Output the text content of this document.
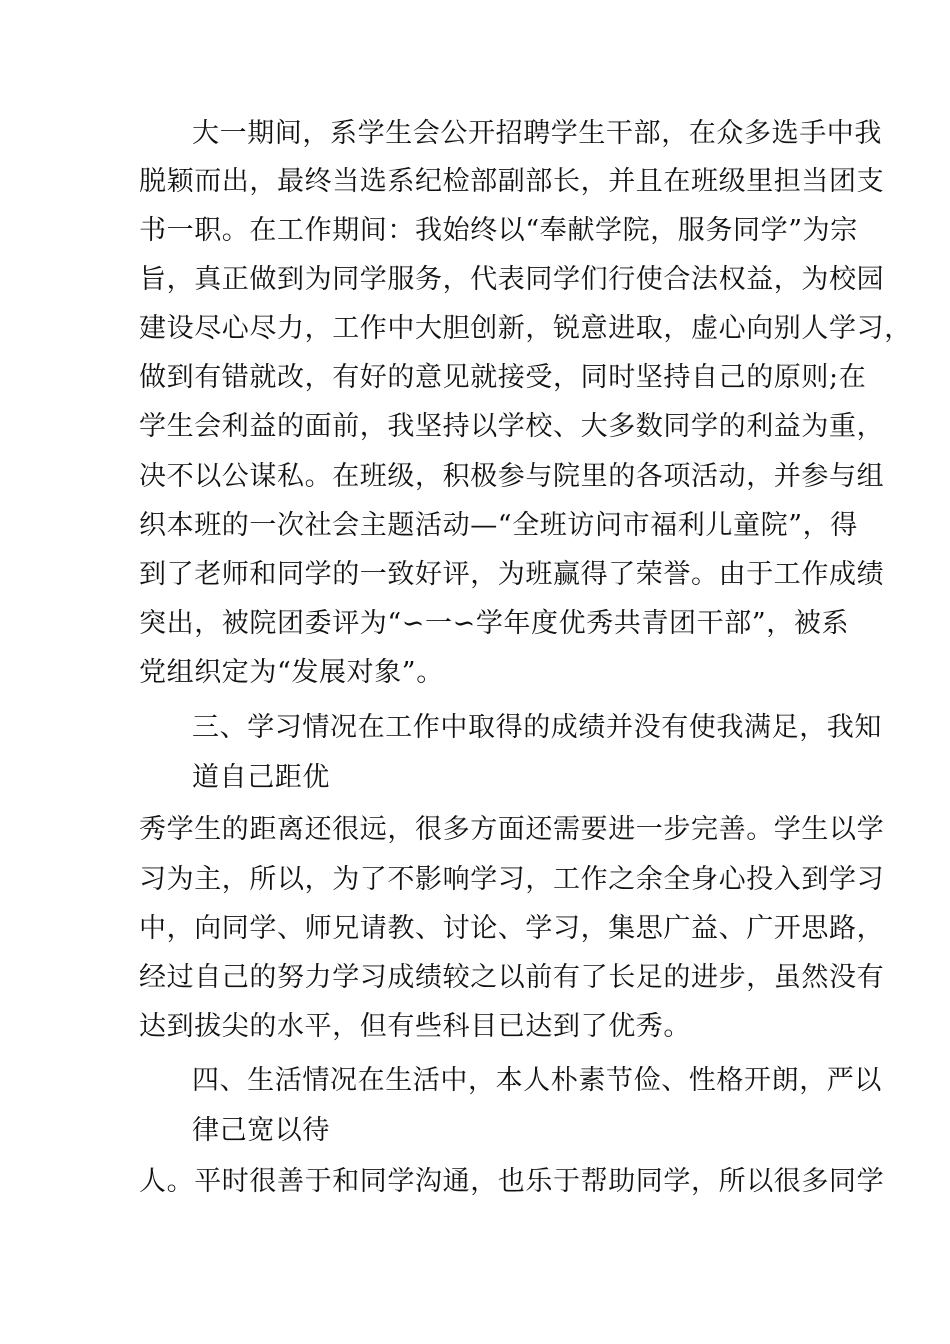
大一期间，系学生会公开招聘学生干部，在众多选手中我
脱颖而出，最终当选系纪检部副部长，并且在班级里担当团支
书一职。在工作期间：我始终以“奉献学院，服务同学”为宗
旨，真正做到为同学服务，代表同学们行使合法权益，为校园
建设尽心尽力，工作中大胆创新，锐意进取，虚心向别人学习，
做到有错就改，有好的意见就接受，同时坚持自己的原则;在
学生会利益的面前，我坚持以学校、大多数同学的利益为重，
决不以公谋私。在班级，积极参与院里的各项活动，并参与组
织本班的一次社会主题活动—“全班访问市福利儿童院”，得
到了老师和同学的一致好评，为班赢得了荣誉。由于工作成绩
突出，被院团委评为“∽一∽学年度优秀共青团干部”，被系
党组织定为“发展对象”。
三、学习情况在工作中取得的成绩并没有使我满足，我知
道自己距优
秀学生的距离还很远，很多方面还需要进一步完善。学生以学
习为主，所以，为了不影响学习，工作之余全身心投入到学习
中，向同学、师兄请教、讨论、学习，集思广益、广开思路，
经过自己的努力学习成绩较之以前有了长足的进步，虽然没有
达到拔尖的水平，但有些科目已达到了优秀。
四、生活情况在生活中，本人朴素节俭、性格开朗，严以
律己宽以待
人。平时很善于和同学沟通，也乐于帮助同学，所以很多同学
